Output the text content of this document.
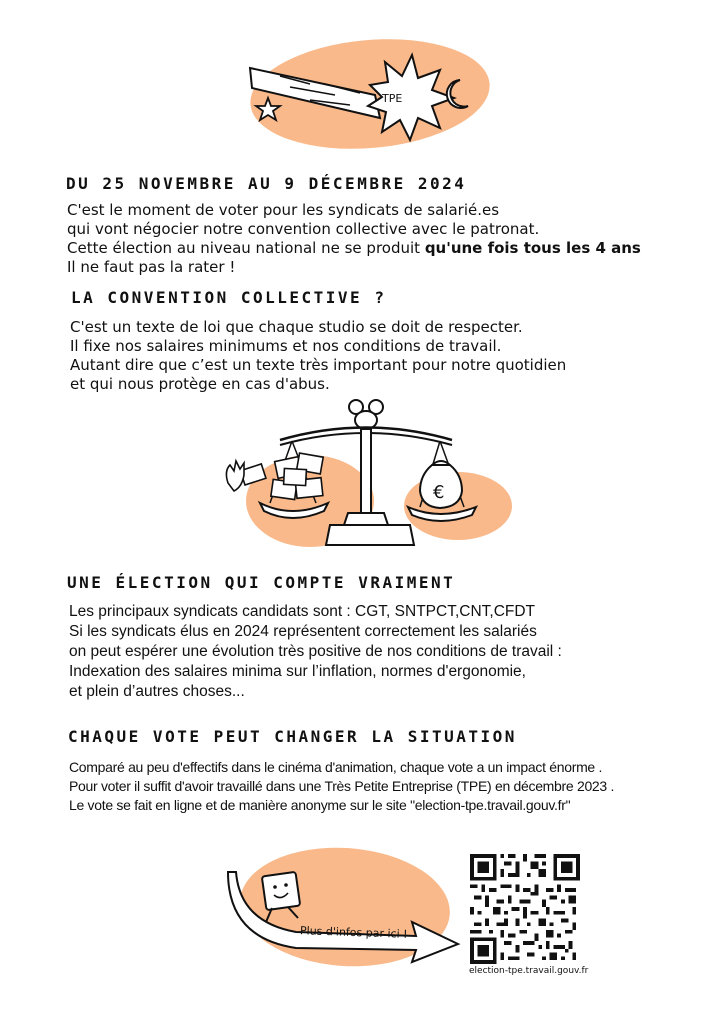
TPE
DU 25 NOVEMBRE AU 9 DÉCEMBRE 2024
C'est le moment de voter pour les syndicats de salarié.es
qui vont négocier notre convention collective avec le patronat.
Cette élection au niveau national ne se produit qu'une fois tous les 4 ans
Il ne faut pas la rater !
LA CONVENTION COLLECTIVE ?
C'est un texte de loi que chaque studio se doit de respecter.
Il fixe nos salaires minimums et nos conditions de travail.
Autant dire que c’est un texte très important pour notre quotidien
et qui nous protège en cas d'abus.
€
UNE ÉLECTION QUI COMPTE VRAIMENT
Les principaux syndicats candidats sont : CGT, SNTPCT,CNT,CFDT
Si les syndicats élus en 2024 représentent correctement les salariés
on peut espérer une évolution très positive de nos conditions de travail :
Indexation des salaires minima sur l’inflation, normes d'ergonomie,
et plein d’autres choses...
CHAQUE VOTE PEUT CHANGER LA SITUATION
Comparé au peu d'effectifs dans le cinéma d'animation, chaque vote a un impact énorme .
Pour voter il suffit d'avoir travaillé dans une Très Petite Entreprise (TPE) en décembre 2023 .
Le vote se fait en ligne et de manière anonyme sur le site "election-tpe.travail.gouv.fr"
Plus d'infos par ici !
election-tpe.travail.gouv.fr
